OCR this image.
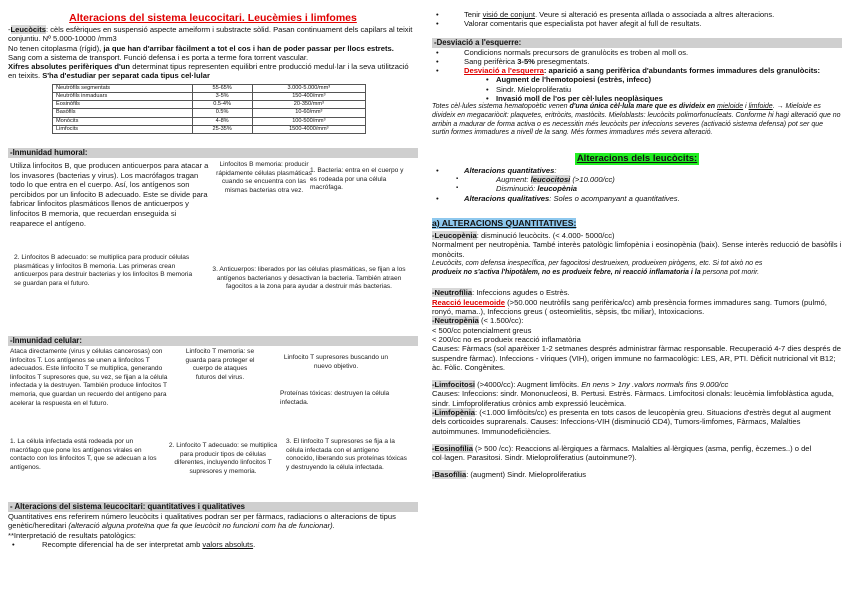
Alteracions del sistema leucocitari. Leucèmies i limfomes

-Leucòcits: cèls esfèriques en suspensió aspecte ameiform i substracte sòlid. Pasan continuament dels capilars al teixit conjuntiu. Nº 5.000-10000 /mm3

No tenen citoplasma (rígid), ja que han d'arribar fàcilment a tot el cos i han de poder passar per llocs estrets.

Sang com a sistema de transport. Funció defensa i es porta a terme fora torrent vascular.

Xifres absolutes perifèriques d'un determinat tipus representen equilibri entre producció medul·lar i la seva utilització en teixits. S'ha d'estudiar per separat cada tipus cel·lular

Neutròfils segmentats	55-65%	3.000-5.000/mm³
Neutròfils inmaduars	3-5%	150-400/mm³
Eosinòfils	0.5-4%	20-350/mm³
Basòfils	0.5%	10-60/mm³
Monòcits	4-8%	100-500/mm³
Limfocits	25-35%	1500-4000/mm³
-Inmunidad humoral:
Utiliza linfocitos B, que producen anticuerpos para atacar a los invasores (bacterias y virus). Los macrófagos tragan todo lo que entra en el cuerpo. Así, los antígenos son percibidos por un linfocito B adecuado. Este se divide para fabricar linfocitos plasmáticos llenos de anticuerpos y linfocitos B memoria, que recuerdan enseguida si reaparece el antígeno.
Linfocitos B memoria: producir rápidamente células plasmáticas cuando se encuentra con las mismas bacterias otra vez.
1. Bacteria: entra en el cuerpo y es rodeada por una célula macrófaga.
2. Linfocitos B adecuado: se multiplica para producir células plasmáticas y linfocitos B memoria. Las primeras crean anticuerpos para destruir bacterias y los linfocitos B memoria se guardan para el futuro.
3. Anticuerpos: liberados por las células plasmáticas, se fijan a los antígenos bacterianos y desactivan la bacteria. También atraen fagocitos a la zona para ayudar a destruir más bacterias.
-Inmunidad celular:
Ataca directamente (virus y células cancerosas) con linfocitos T. Los antígenos se unen a linfocitos T adecuados. Este linfocito T se multiplica, generando linfocitos T supresores que, su vez, se fijan a la célula infectada y la destruyen. También produce linfocitos T memoria, que guardan un recuerdo del antígeno para acelerar la respuesta en el futuro.
Linfocito T memoria: se guarda para proteger el cuerpo de ataques futuros del virus.
Linfocito T supresores buscando un nuevo objetivo.
Proteínas tóxicas: destruyen la célula infectada.
1. La célula infectada está rodeada por un macrófago que pone los antígenos virales en contacto con los linfocitos T, que se adecuan a los antígenos.
2. Linfocito T adecuado: se multiplica para producir tipos de células diferentes, incluyendo linfocitos T supresores y memoria.
3. El linfocito T supresores se fija a la célula infectada con el antígeno conocido, liberando sus proteínas tóxicas y destruyendo la célula infectada.
- Alteracions del sistema leucocitari: quantitatives i qualitatives

Quantitatives ens referirem número leucòcits i qualitatives podran ser per fàrmacs, radiacions o alteracions de tipus genètic/hereditari (alteració alguna proteïna que fa que leucòcit no funcioni com ha de funcionar).

**Interpretació de resultats patològics:

• Recompte diferencial ha de ser interpretat amb valors absoluts.
• Tenir visió de conjunt. Veure si alteració es presenta aïllada o associada a altres alteracions.
• Valorar comentaris que especialista pot haver afegit al full de resultats.
-Desviació a l'esquerre:
• Condicions normals precursors de granulòcits es troben al moll os.
• Sang perifèrica 3-5% presegmentats.
• Desviació a l'esquerra: aparició a sang perifèrica d'abundants formes immadures dels granulòcits:
• Augment de l'hemotopoiesi (estrès, infecc)
• Sindr. Mieloproliferatiu
• Invasió moll de l'os per cèl·lules neoplàsiques

Totes cèl·lules sistema hematopoètic venen d'una única cèl·lula mare que es divideix en mieloide i limfoide. → Mieloide es divideix en megacariòcit: plaquetes, eritròcits, mastòcits. Mieloblasts: leucòcits polimorfonucleats. Conforme hi hagi alteració que no arribin a madurar de forma activa o es necessitin més leucòcits per infeccions severes (activació sistema defensa) pot ser que surtin formes immadures a nivell de la sang. Més formes immadures més severa alteració.

Alteracions dels leucòcits:
• Alteracions quantitatives:
▪ Augment: leucocitosi (>10.000/cc)
▪ Disminució: leucopènia
• Alteracions qualitatives: Soles o acompanyant a quantitatives.
a) ALTERACIONS QUANTITATIVES:

-Leucopènia: disminució leucòcits. (< 4.000- 5000/cc)

Normalment per neutropènia. També interès patològic limfopènia i eosinopènia (baix). Sense interès reducció de basòfils i monòcits.

Leucòcits, com defensa inespecífica, per fagocitosi destrueixen, produeixen pirògens, etc. Si tot això no es

produeix no s'activa l'hipotàlem, no es produeix febre, ni reacció inflamatoria i la persona pot morir.

-Neutrofília: Infeccions agudes o Estrès.

Reacció leucemoide (>50.000 neutròfils sang perifèrica/cc) amb presència formes immadures sang. Tumors (pulmó, ronyó, mama..), Infeccions greus ( osteomielitis, sèpsis, tbc miliar), Intoxicacions.

-Neutropènia (< 1.500/cc):

< 500/cc potencialment greus

< 200/cc no es produeix reacció inflamatòria

Causes: Fàrmacs (sol aparèixer 1-2 setmanes després administrar fàrmac responsable. Recuperació 4-7 dies després de suspendre fàrmac). Infeccions - víriques (VIH), origen immune no farmacològic: LES, AR, PTI. Dèficit nutricional vit B12; àc. Fòlic. Congènites.

-Limfocitosi (>4000/cc): Augment limfòcits. En nens > 1ny .valors normals fins 9.000/cc

Causes: Infeccions: sindr. Mononucleosi, B. Pertusi. Estrès. Fàrmacs. Limfocitosi clonals: leucèmia limfoblàstica aguda, sindr. Limfoproliferatius crònics amb expressió leucèmica.

-Limfopènia: (<1.000 limfòcits/cc) es presenta en tots casos de leucopènia greu. Situacions d'estrès degut al augment dels corticoides suprarenals. Causes: Infeccions-VIH (disminució CD4), Tumors-limfomes, Fàrmacs, Malalties autoimmunes. Immunodeficiències.

-Eosinofília (> 500 /cc): Reaccions al·lèrgiques a fàrmacs. Malalties al·lèrgiques (asma, penfig, èczemes..) o del col·lagen. Parasitosi. Sindr. Mieloproliferatius (autoinmune?).

-Basofília: (augment) Sindr. Mieloproliferatius
